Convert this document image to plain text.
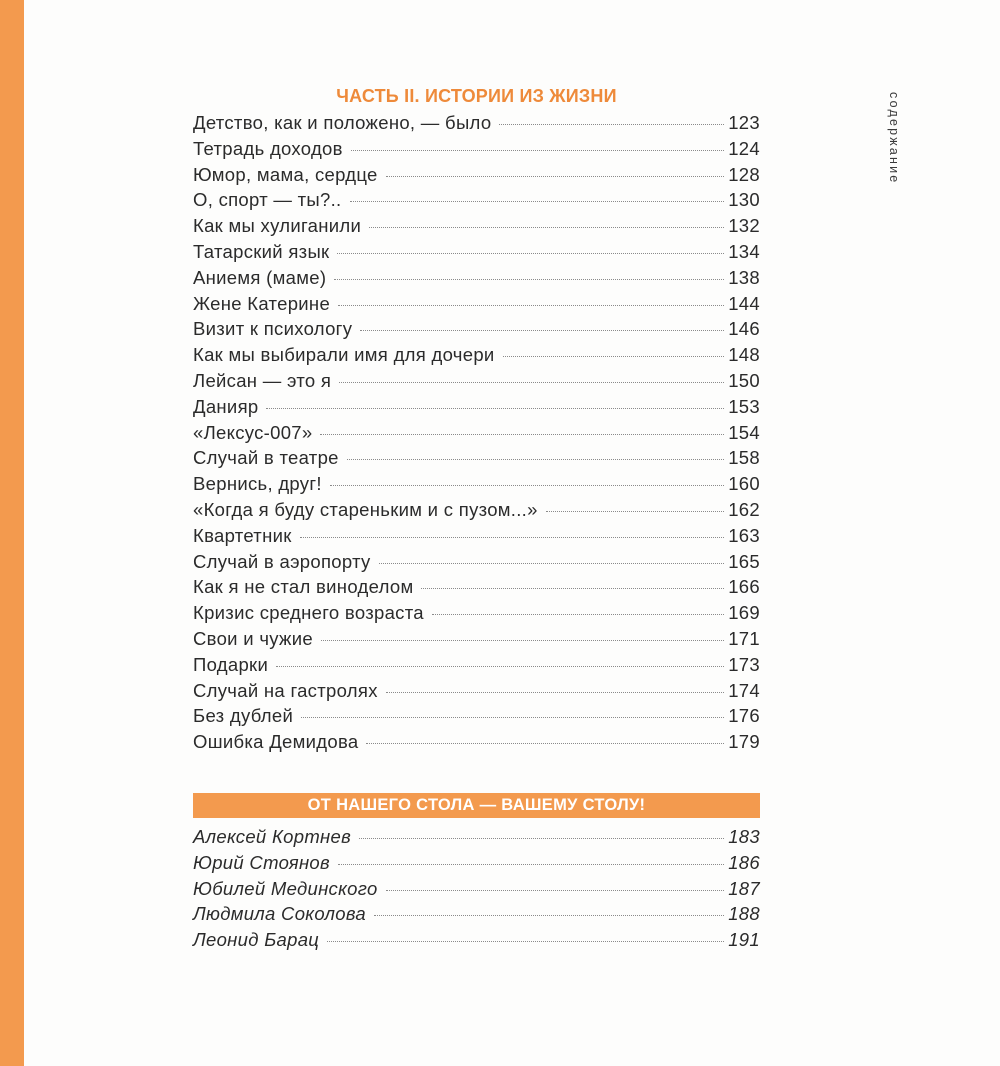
содержание
ЧАСТЬ II. ИСТОРИИ ИЗ ЖИЗНИ
Детство, как и положено, — было	123
Тетрадь доходов	124
Юмор, мама, сердце	128
О, спорт — ты?..	130
Как мы хулиганили	132
Татарский язык	134
Аниемя (маме)	138
Жене Катерине	144
Визит к психологу	146
Как мы выбирали имя для дочери	148
Лейсан — это я	150
Данияр	153
«Лексус-007»	154
Случай в театре	158
Вернись, друг!	160
«Когда я буду стареньким и с пузом...»	162
Квартетник	163
Случай в аэропорту	165
Как я не стал виноделом	166
Кризис среднего возраста	169
Свои и чужие	171
Подарки	173
Случай на гастролях	174
Без дублей	176
Ошибка Демидова	179
ОТ НАШЕГО СТОЛА — ВАШЕМУ СТОЛУ!
Алексей Кортнев	183
Юрий Стоянов	186
Юбилей Мединского	187
Людмила Соколова	188
Леонид Барац	191
